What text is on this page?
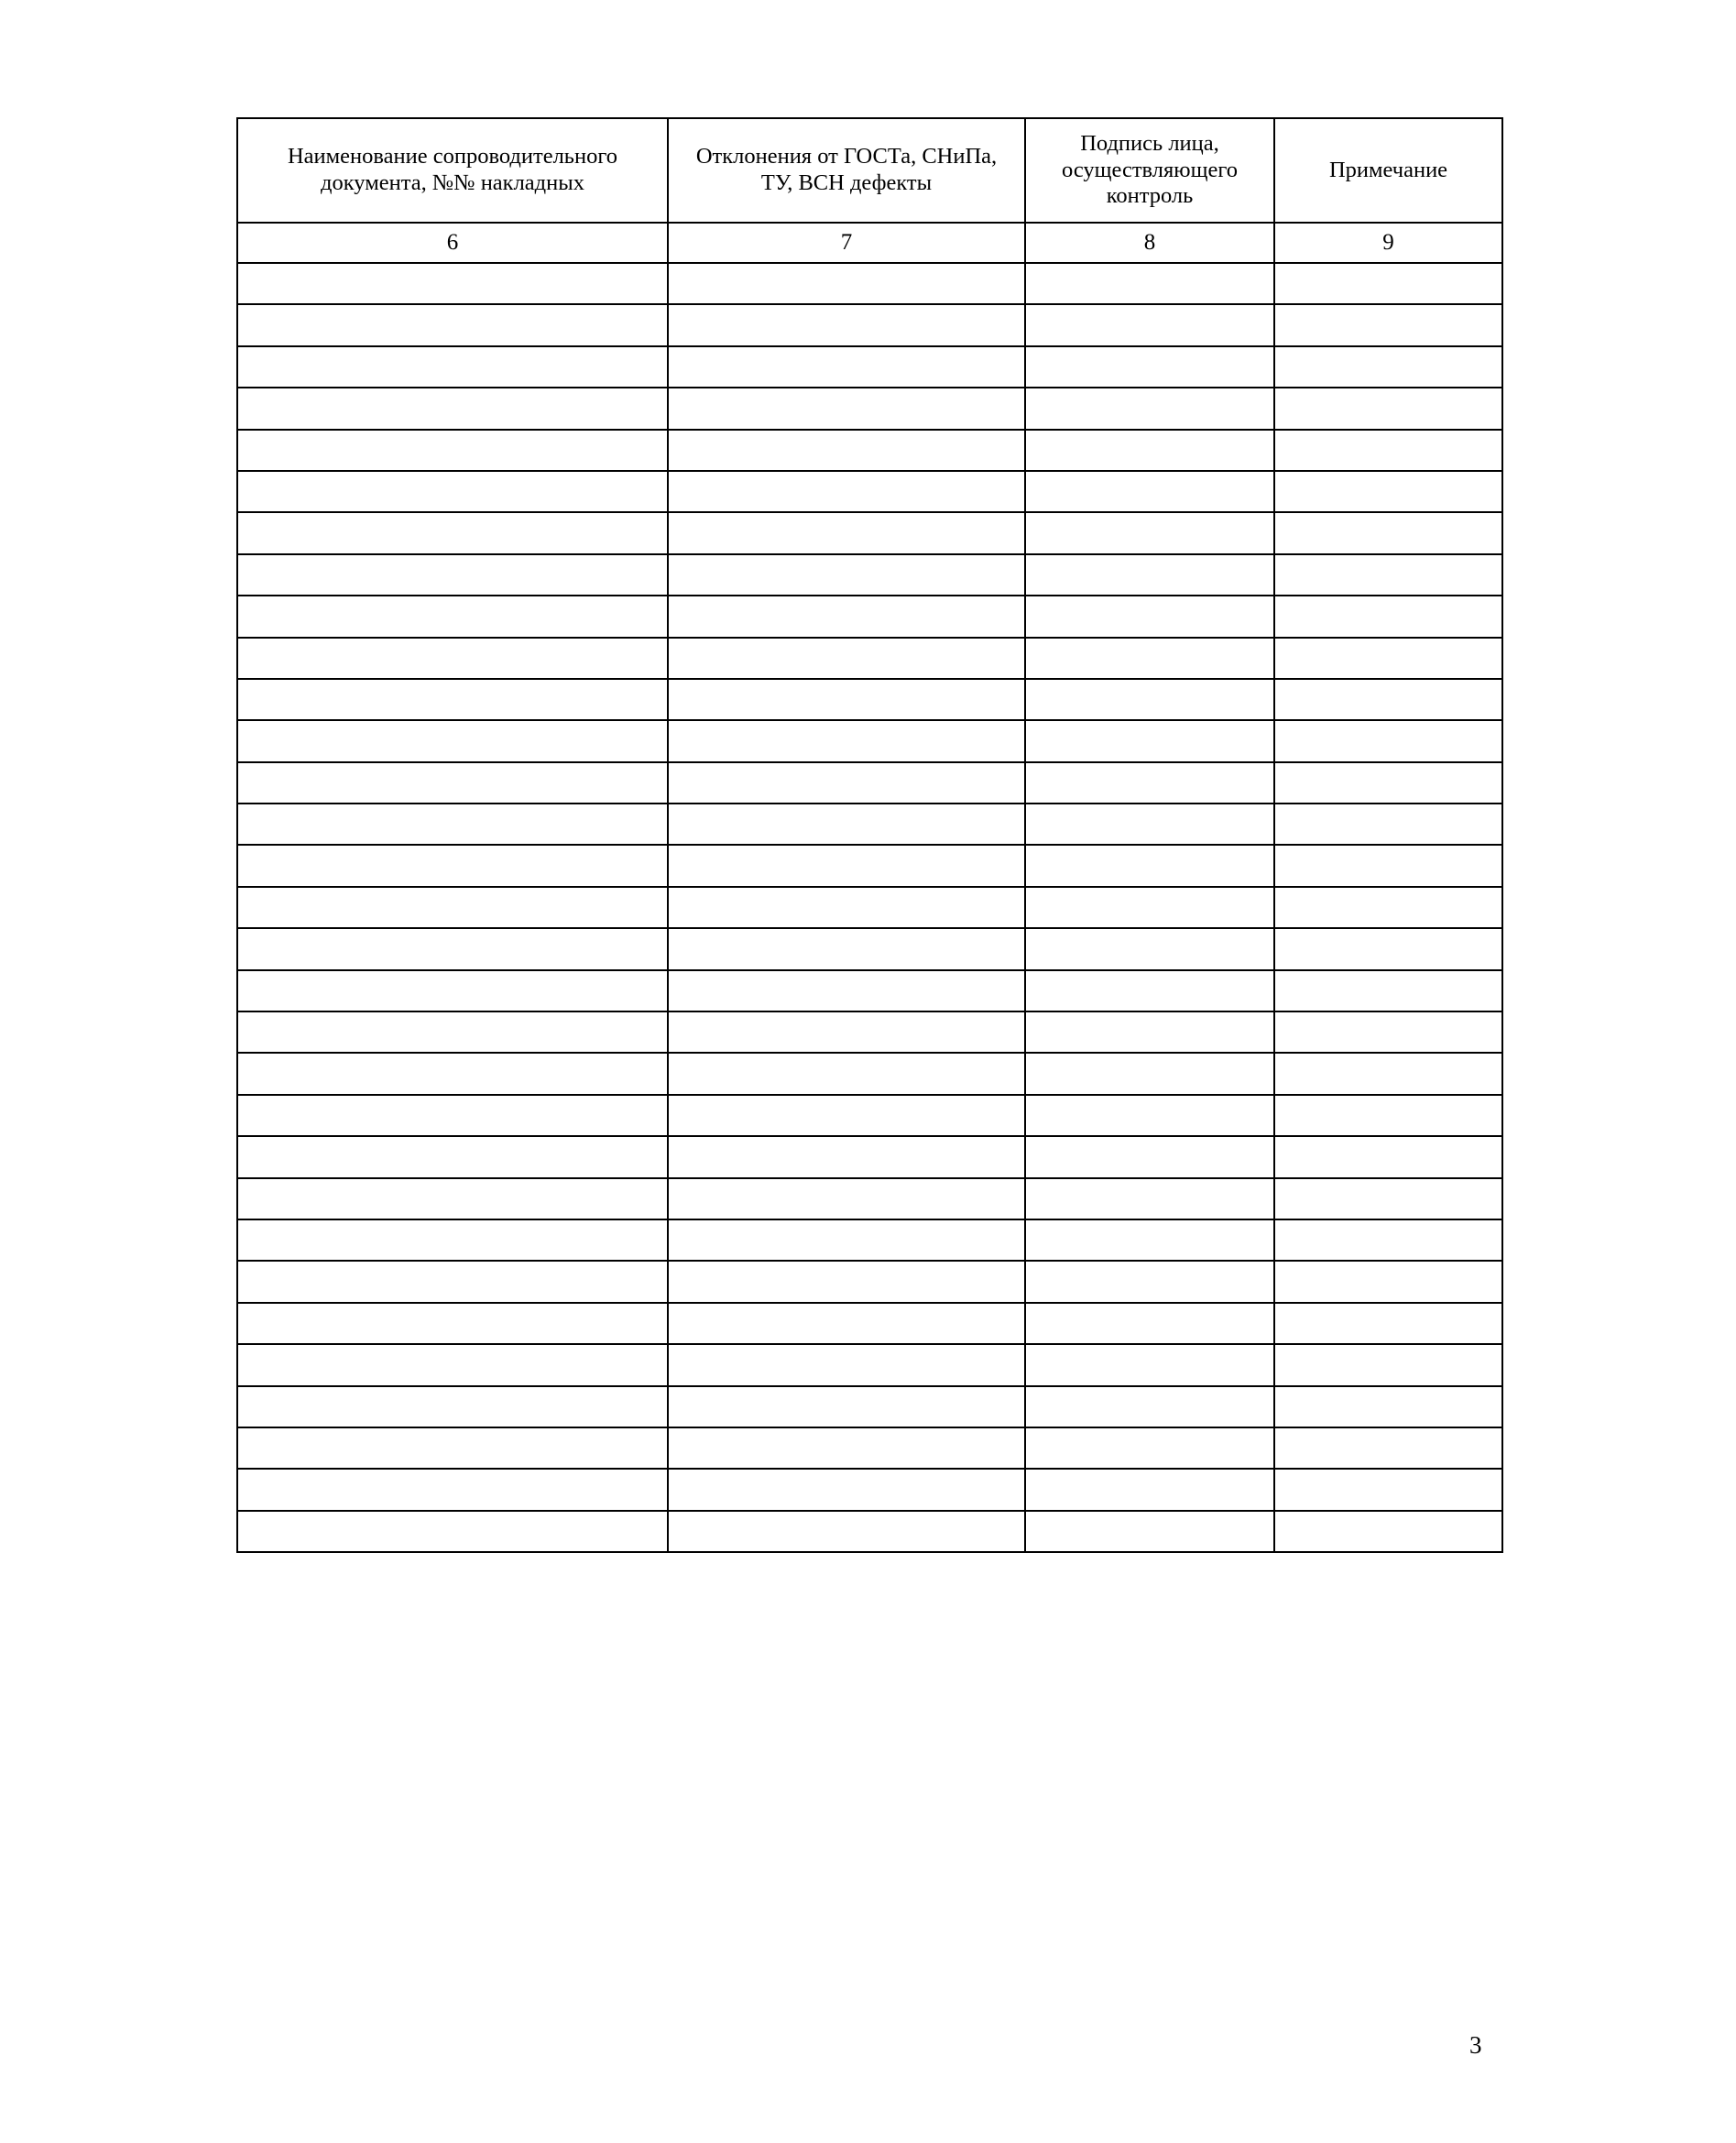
Наименование сопроводительного документа, №№ накладных	Отклонения от ГОСТа, СНиПа, ТУ, ВСН дефекты	Подпись лица, осуществляющего контроль	Примечание

6	7	8	9

3
